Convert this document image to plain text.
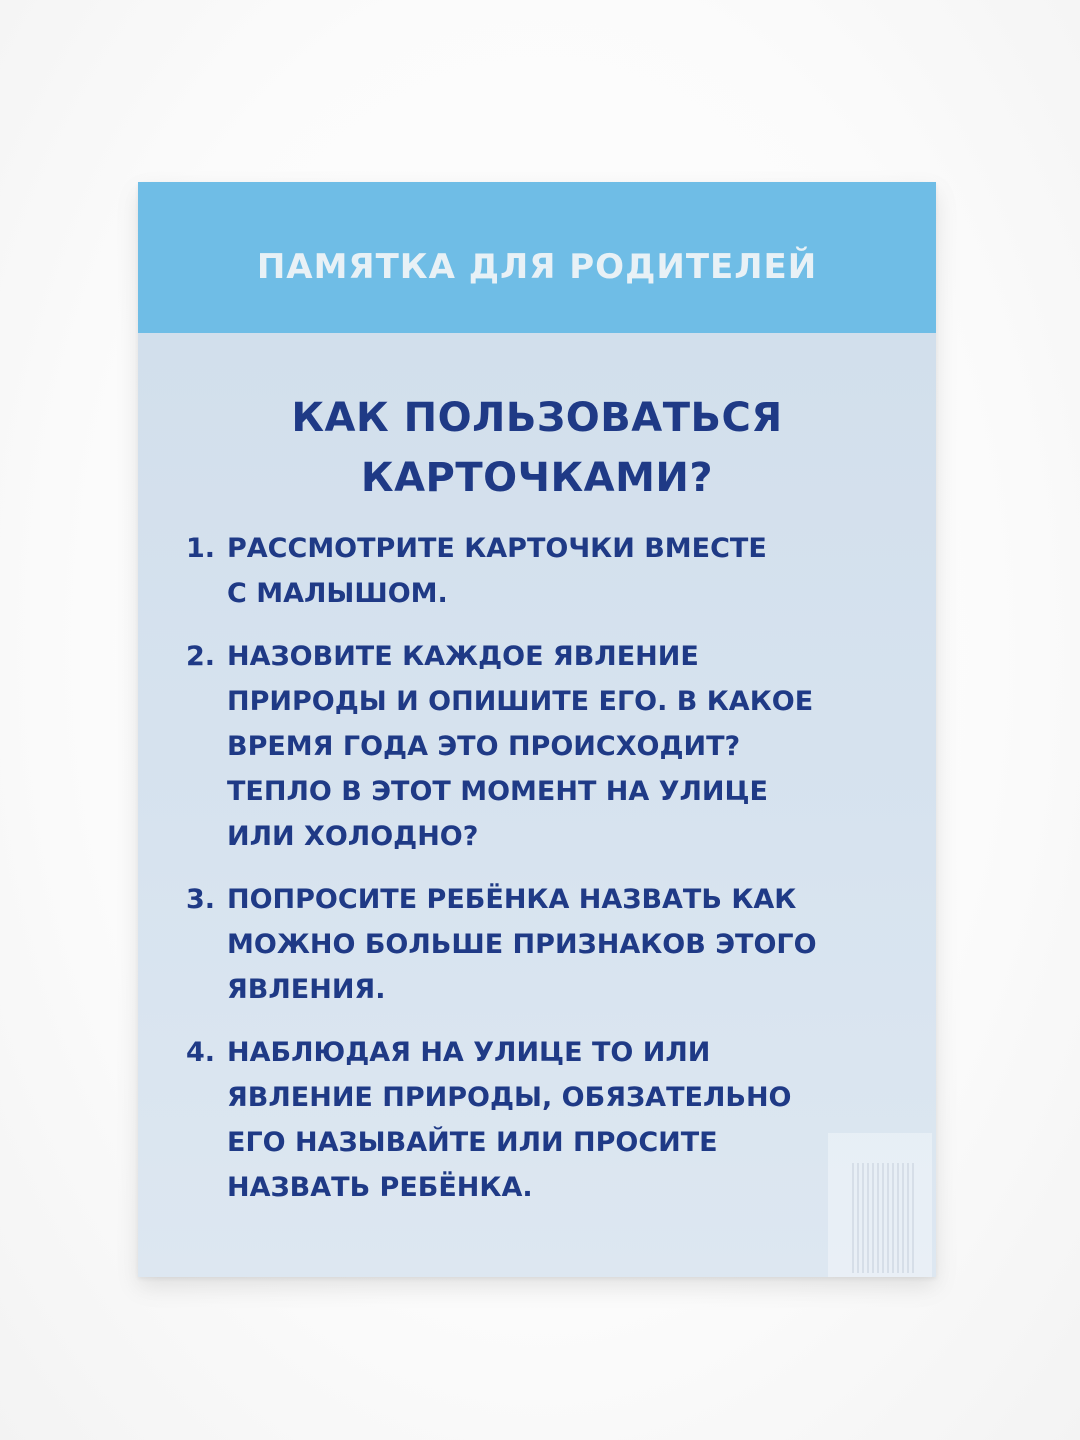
ПАМЯТКА ДЛЯ РОДИТЕЛЕЙ
КАК ПОЛЬЗОВАТЬСЯ
КАРТОЧКАМИ?
1. РАССМОТРИТЕ КАРТОЧКИ ВМЕСТЕ
С МАЛЫШОМ.
2. НАЗОВИТЕ КАЖДОЕ ЯВЛЕНИЕ
ПРИРОДЫ И ОПИШИТЕ ЕГО. В КАКОЕ
ВРЕМЯ ГОДА ЭТО ПРОИСХОДИТ?
ТЕПЛО В ЭТОТ МОМЕНТ НА УЛИЦЕ
ИЛИ ХОЛОДНО?
3. ПОПРОСИТЕ РЕБЁНКА НАЗВАТЬ КАК
МОЖНО БОЛЬШЕ ПРИЗНАКОВ ЭТОГО
ЯВЛЕНИЯ.
4. НАБЛЮДАЯ НА УЛИЦЕ ТО ИЛИ
ЯВЛЕНИЕ ПРИРОДЫ, ОБЯЗАТЕЛЬНО
ЕГО НАЗЫВАЙТЕ ИЛИ ПРОСИТЕ
НАЗВАТЬ РЕБЁНКА.
